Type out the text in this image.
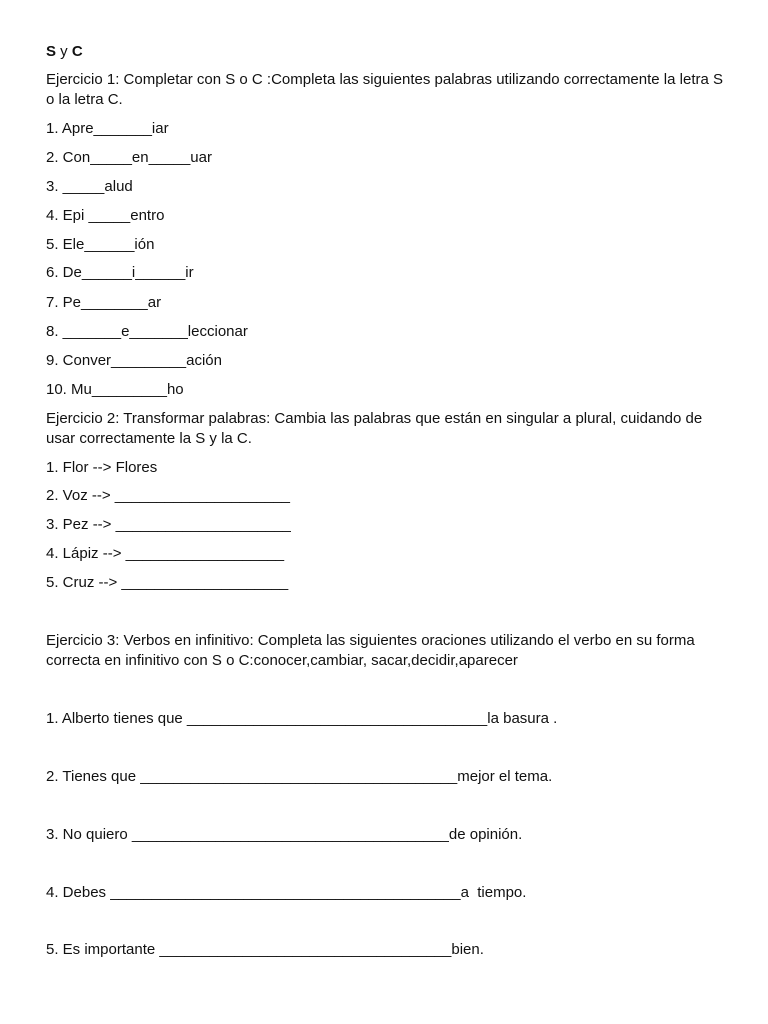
S y C

Ejercicio 1: Completar con S o C :Completa las siguientes palabras utilizando correctamente la letra S o la letra C.

1. Apre_______iar

2. Con_____en_____uar

3. _____alud

4. Epi _____entro

5. Ele______ión

6. De______i______ir

7. Pe________ar

8. _______e_______leccionar

9. Conver_________ación

10. Mu_________ho

Ejercicio 2: Transformar palabras: Cambia las palabras que están en singular a plural, cuidando de usar correctamente la S y la C.

1. Flor --> Flores

2. Voz --> _____________________

3. Pez --> _____________________

4. Lápiz --> ___________________

5. Cruz --> ____________________

Ejercicio 3: Verbos en infinitivo: Completa las siguientes oraciones utilizando el verbo en su forma correcta en infinitivo con S o C:conocer,cambiar, sacar,decidir,aparecer

1. Alberto tienes que ____________________________________la basura .

2. Tienes que ______________________________________mejor el tema.

3. No quiero ______________________________________de opinión.

4. Debes __________________________________________a  tiempo.

5. Es importante ___________________________________bien.
